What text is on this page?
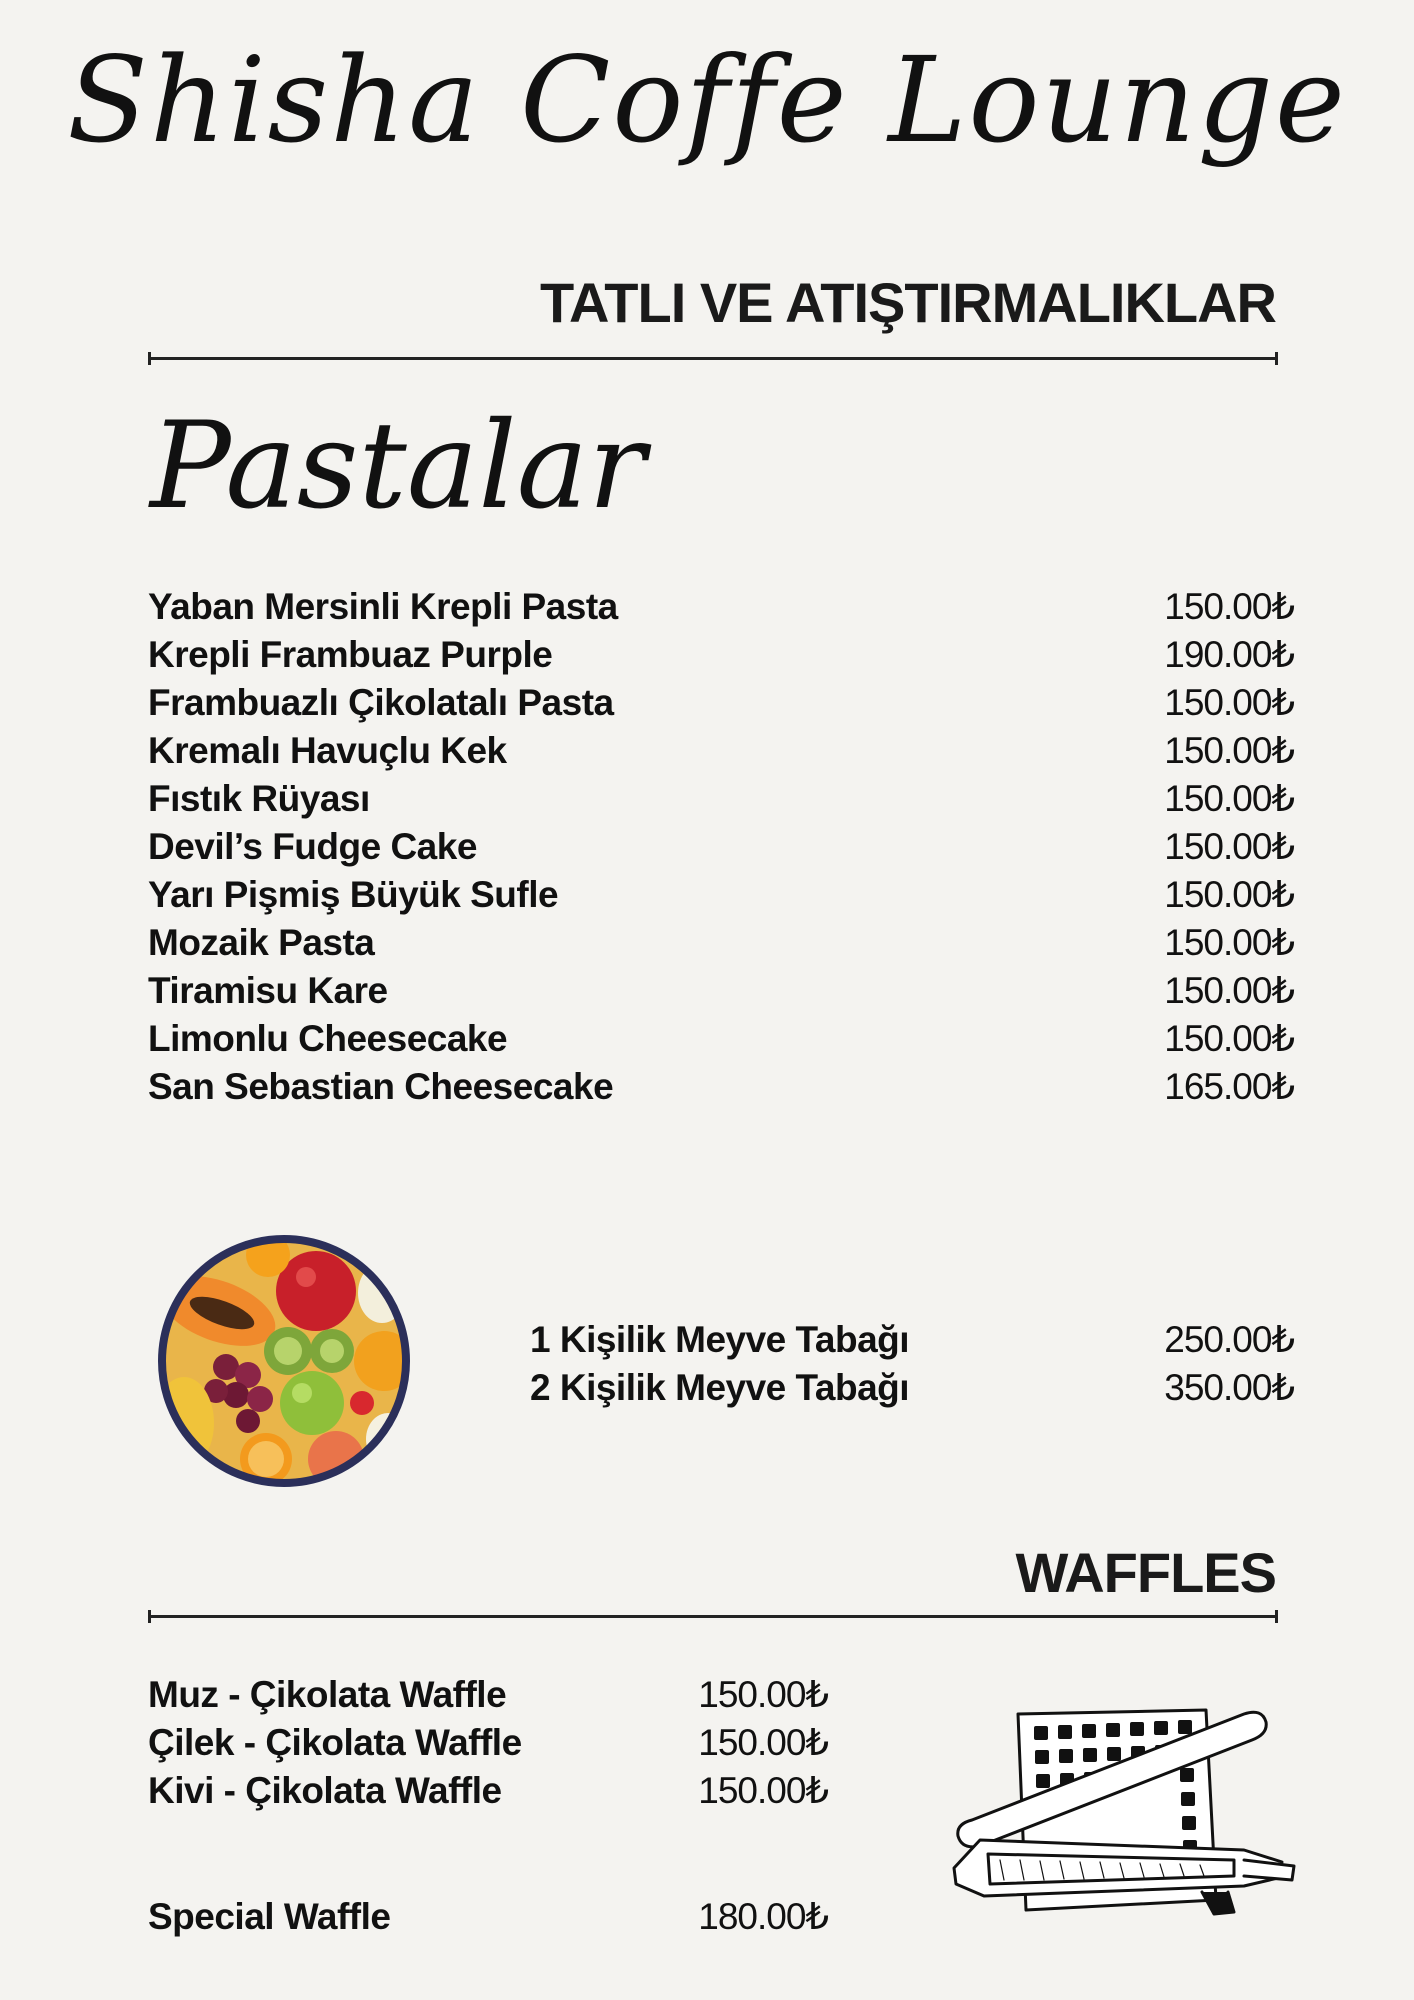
Shisha Coffe Lounge
TATLI VE ATIŞTIRMALIKLAR
Pastalar
Yaban Mersinli Krepli Pasta	150.00₺
Krepli Frambuaz Purple	190.00₺
Frambuazlı Çikolatalı Pasta	150.00₺
Kremalı Havuçlu Kek	150.00₺
Fıstık Rüyası	150.00₺
Devil’s Fudge Cake	150.00₺
Yarı Pişmiş Büyük Sufle	150.00₺
Mozaik Pasta	150.00₺
Tiramisu Kare	150.00₺
Limonlu Cheesecake	150.00₺
San Sebastian Cheesecake	165.00₺
1 Kişilik Meyve Tabağı	250.00₺
2 Kişilik Meyve Tabağı	350.00₺
WAFFLES
Muz - Çikolata Waffle	150.00₺
Çilek - Çikolata Waffle	150.00₺
Kivi - Çikolata Waffle	150.00₺
Special Waffle	180.00₺
